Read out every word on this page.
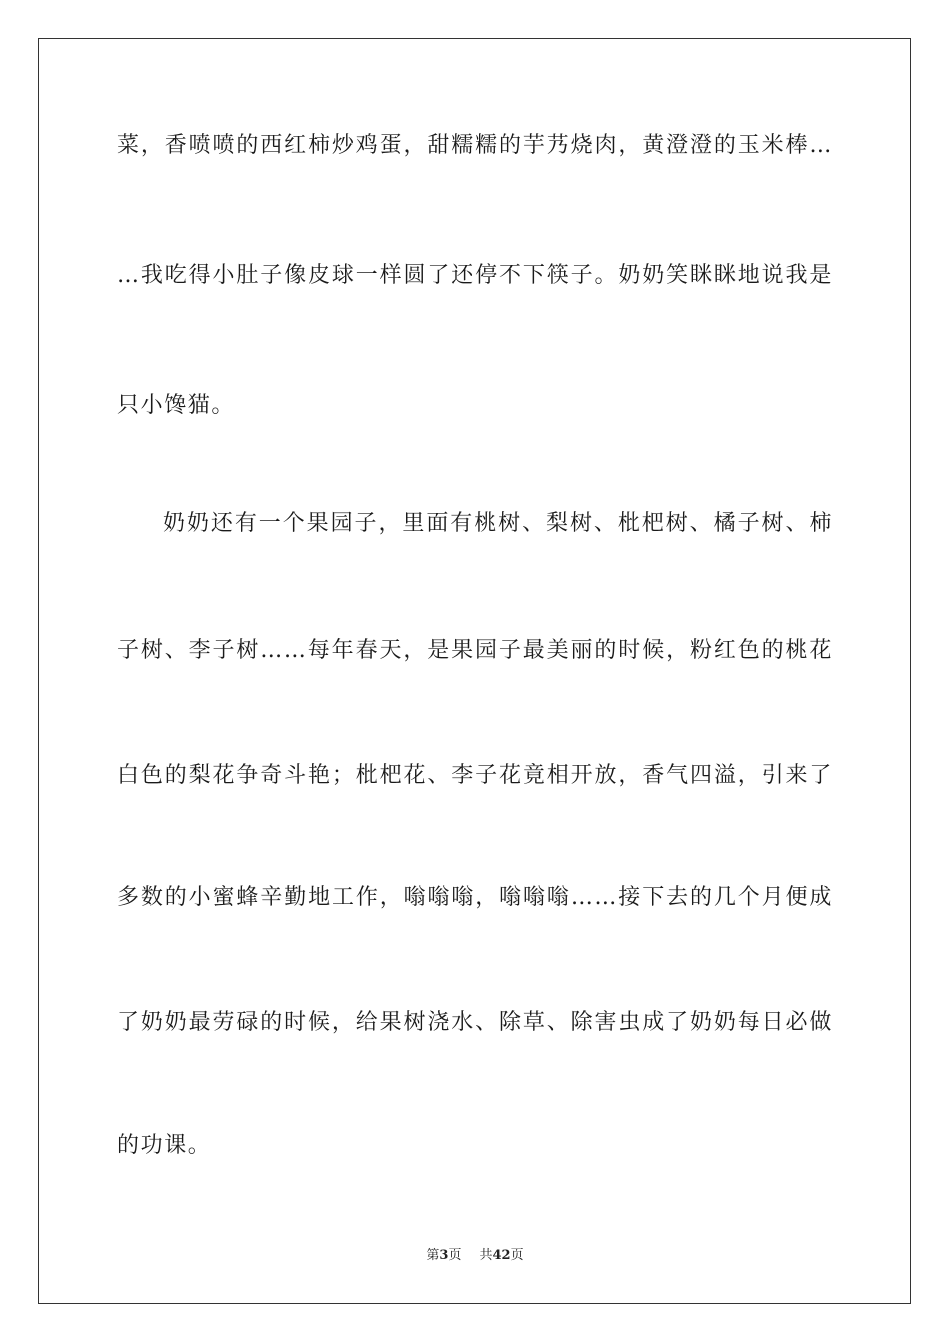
菜，香喷喷的西红柿炒鸡蛋，甜糯糯的芋艿烧肉，黄澄澄的玉米棒…
…我吃得小肚子像皮球一样圆了还停不下筷子。奶奶笑眯眯地说我是
只小馋猫。
奶奶还有一个果园子，里面有桃树、梨树、枇杷树、橘子树、柿
子树、李子树……每年春天，是果园子最美丽的时候，粉红色的桃花
白色的梨花争奇斗艳；枇杷花、李子花竟相开放，香气四溢，引来了
多数的小蜜蜂辛勤地工作，嗡嗡嗡，嗡嗡嗡……接下去的几个月便成
了奶奶最劳碌的时候，给果树浇水、除草、除害虫成了奶奶每日必做
的功课。
第3页 共42页
